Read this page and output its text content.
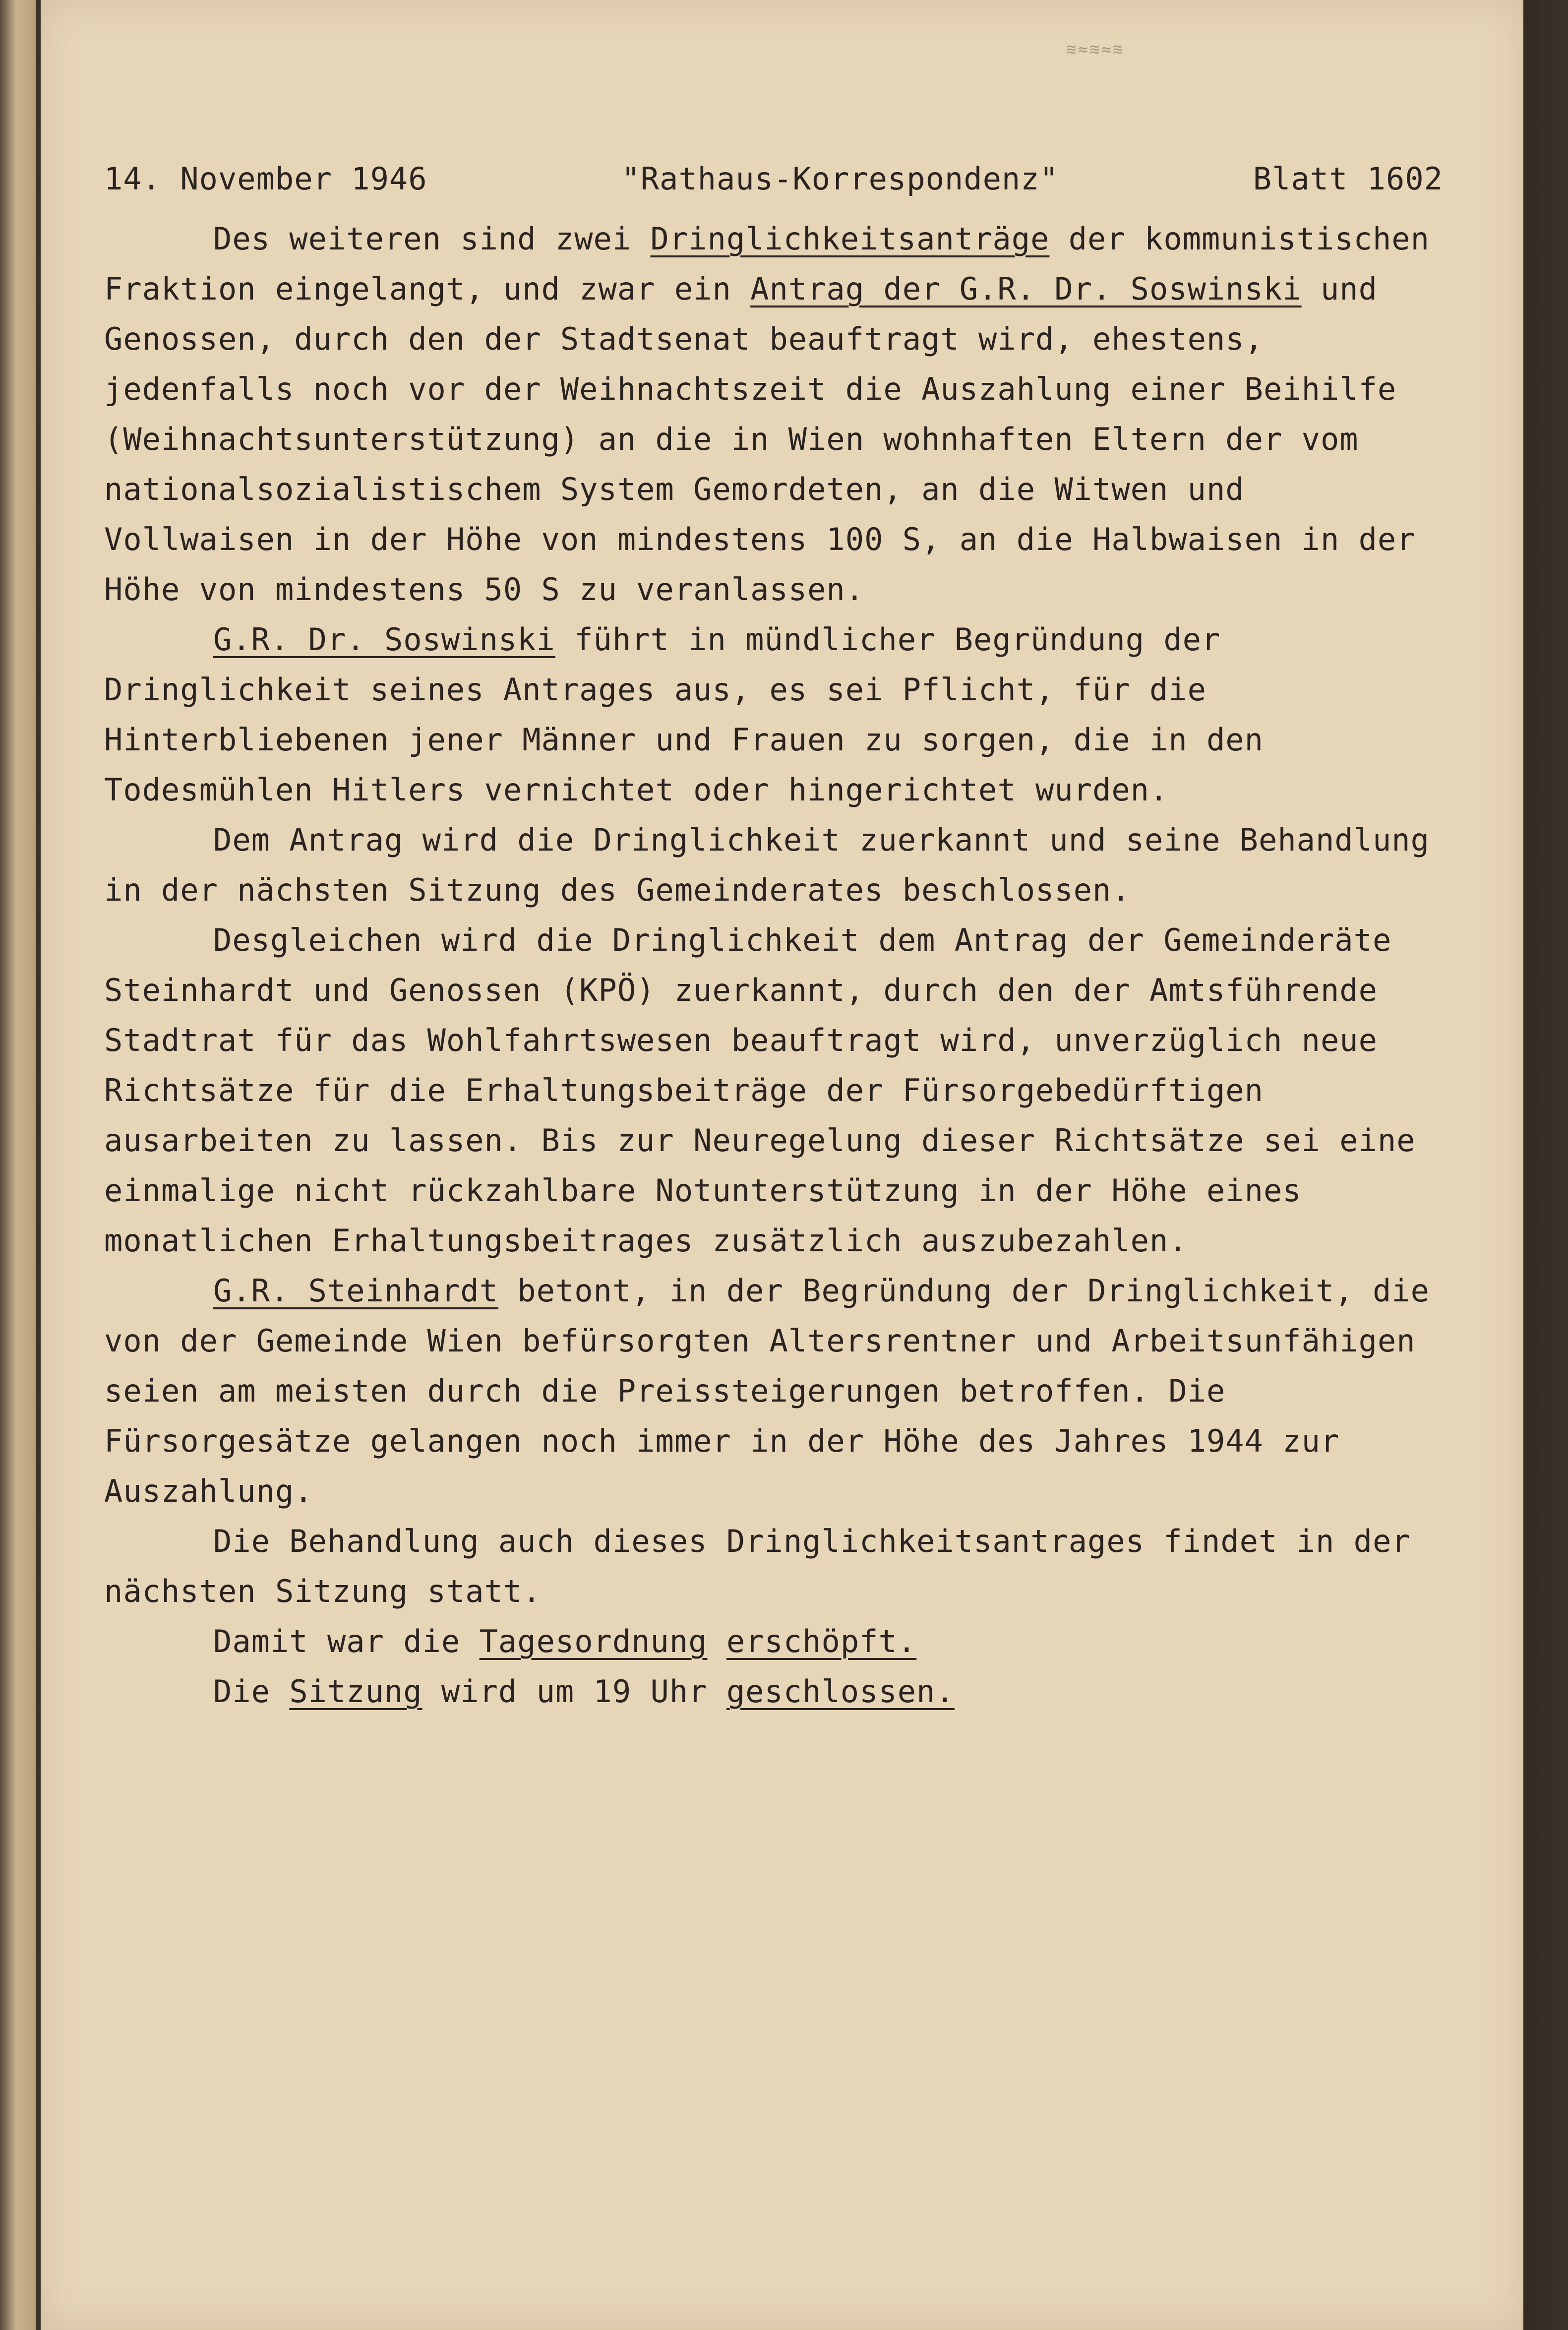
≋≈≋≈≋
14. November 1946	"Rathaus-Korrespondenz"	Blatt 1602

Des weiteren sind zwei Dringlichkeitsanträge der kommunistischen Fraktion eingelangt, und zwar ein Antrag der G.R. Dr. Soswinski und Genossen, durch den der Stadtsenat beauftragt wird, ehestens, jedenfalls noch vor der Weihnachtszeit die Auszahlung einer Beihilfe (Weihnachtsunterstützung) an die in Wien wohnhaften Eltern der vom nationalsozialistischem System Gemordeten, an die Witwen und Vollwaisen in der Höhe von mindestens 100 S, an die Halbwaisen in der Höhe von mindestens 50 S zu veranlassen.

G.R. Dr. Soswinski führt in mündlicher Begründung der Dringlichkeit seines Antrages aus, es sei Pflicht, für die Hinterbliebenen jener Männer und Frauen zu sorgen, die in den Todesmühlen Hitlers vernichtet oder hingerichtet wurden.

Dem Antrag wird die Dringlichkeit zuerkannt und seine Behandlung in der nächsten Sitzung des Gemeinderates beschlossen.

Desgleichen wird die Dringlichkeit dem Antrag der Gemeinderäte Steinhardt und Genossen (KPÖ) zuerkannt, durch den der Amtsführende Stadtrat für das Wohlfahrtswesen beauftragt wird, unverzüglich neue Richtsätze für die Erhaltungsbeiträge der Fürsorgebedürftigen ausarbeiten zu lassen. Bis zur Neuregelung dieser Richtsätze sei eine einmalige nicht rückzahlbare Notunterstützung in der Höhe eines monatlichen Erhaltungsbeitrages zusätzlich auszubezahlen.

G.R. Steinhardt betont, in der Begründung der Dringlichkeit, die von der Gemeinde Wien befürsorgten Altersrentner und Arbeitsunfähigen seien am meisten durch die Preissteigerungen betroffen. Die Fürsorgesätze gelangen noch immer in der Höhe des Jahres 1944 zur Auszahlung.

Die Behandlung auch dieses Dringlichkeitsantrages findet in der nächsten Sitzung statt.

Damit war die Tagesordnung erschöpft.

Die Sitzung wird um 19 Uhr geschlossen.
